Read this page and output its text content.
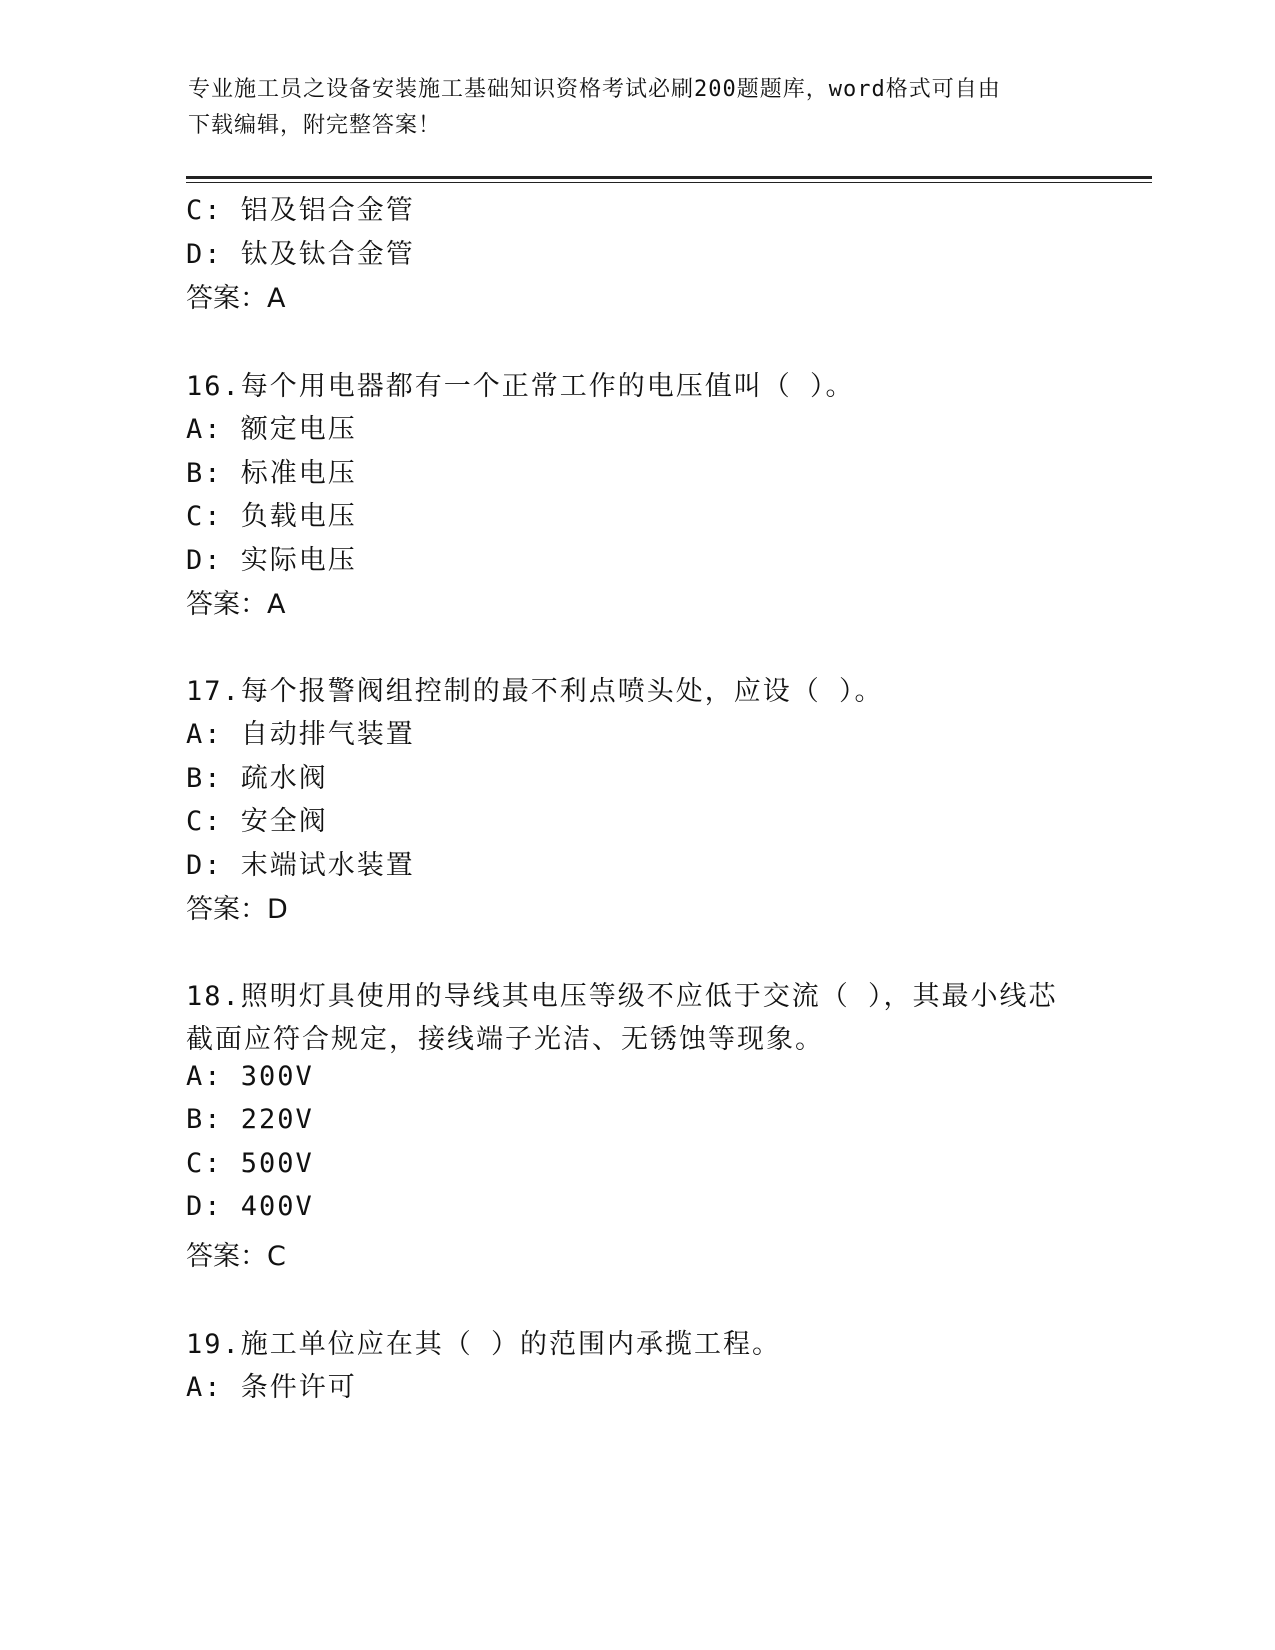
专业施工员之设备安装施工基础知识资格考试必刷200题题库，word格式可自由
下载编辑，附完整答案！
C: 铝及铝合金管
D: 钛及钛合金管
答案：A
16.每个用电器都有一个正常工作的电压值叫（ ）。
A: 额定电压
B: 标准电压
C: 负载电压
D: 实际电压
答案：A
17.每个报警阀组控制的最不利点喷头处，应设（ ）。
A: 自动排气装置
B: 疏水阀
C: 安全阀
D: 末端试水装置
答案：D
18.照明灯具使用的导线其电压等级不应低于交流（ ），其最小线芯
截面应符合规定，接线端子光洁、无锈蚀等现象。
A: 300V
B: 220V
C: 500V
D: 400V
答案：C
19.施工单位应在其（ ）的范围内承揽工程。
A: 条件许可
